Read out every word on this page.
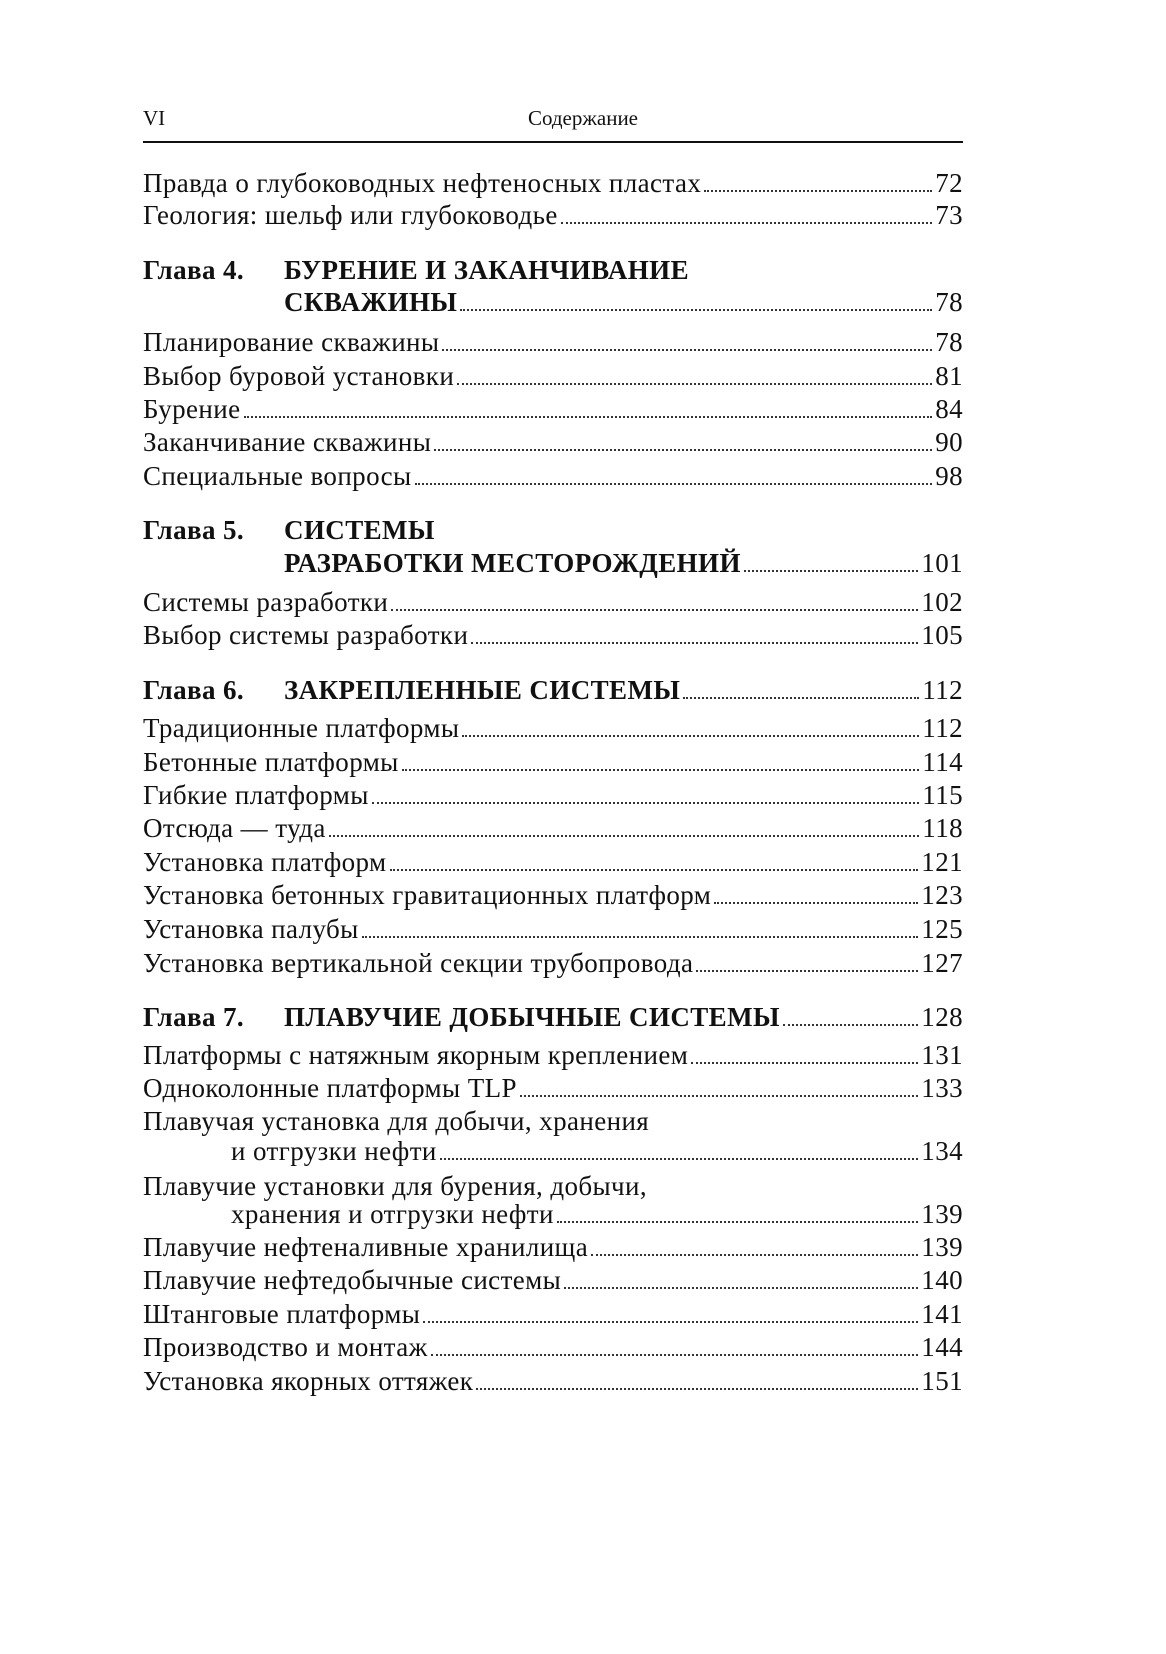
VI	Содержание
Правда о глубоководных нефтеносных пластах	72
Геология: шельф или глубоководье	73
Глава 4.	БУРЕНИЕ И ЗАКАНЧИВАНИЕ
СКВАЖИНЫ	78
Планирование скважины	78
Выбор буровой установки	81
Бурение	84
Заканчивание скважины	90
Специальные вопросы	98
Глава 5.	СИСТЕМЫ
РАЗРАБОТКИ МЕСТОРОЖДЕНИЙ	101
Системы разработки	102
Выбор системы разработки	105
Глава 6.	ЗАКРЕПЛЕННЫЕ СИСТЕМЫ	112
Традиционные платформы	112
Бетонные платформы	114
Гибкие платформы	115
Отсюда — туда	118
Установка платформ	121
Установка бетонных гравитационных платформ	123
Установка палубы	125
Установка вертикальной секции трубопровода	127
Глава 7.	ПЛАВУЧИЕ ДОБЫЧНЫЕ СИСТЕМЫ	128
Платформы с натяжным якорным креплением	131
Одноколонные платформы TLP	133
Плавучая установка для добычи, хранения
и отгрузки нефти	134
Плавучие установки для бурения, добычи,
хранения и отгрузки нефти	139
Плавучие нефтеналивные хранилища	139
Плавучие нефтедобычные системы	140
Штанговые платформы	141
Производство и монтаж	144
Установка якорных оттяжек	151
